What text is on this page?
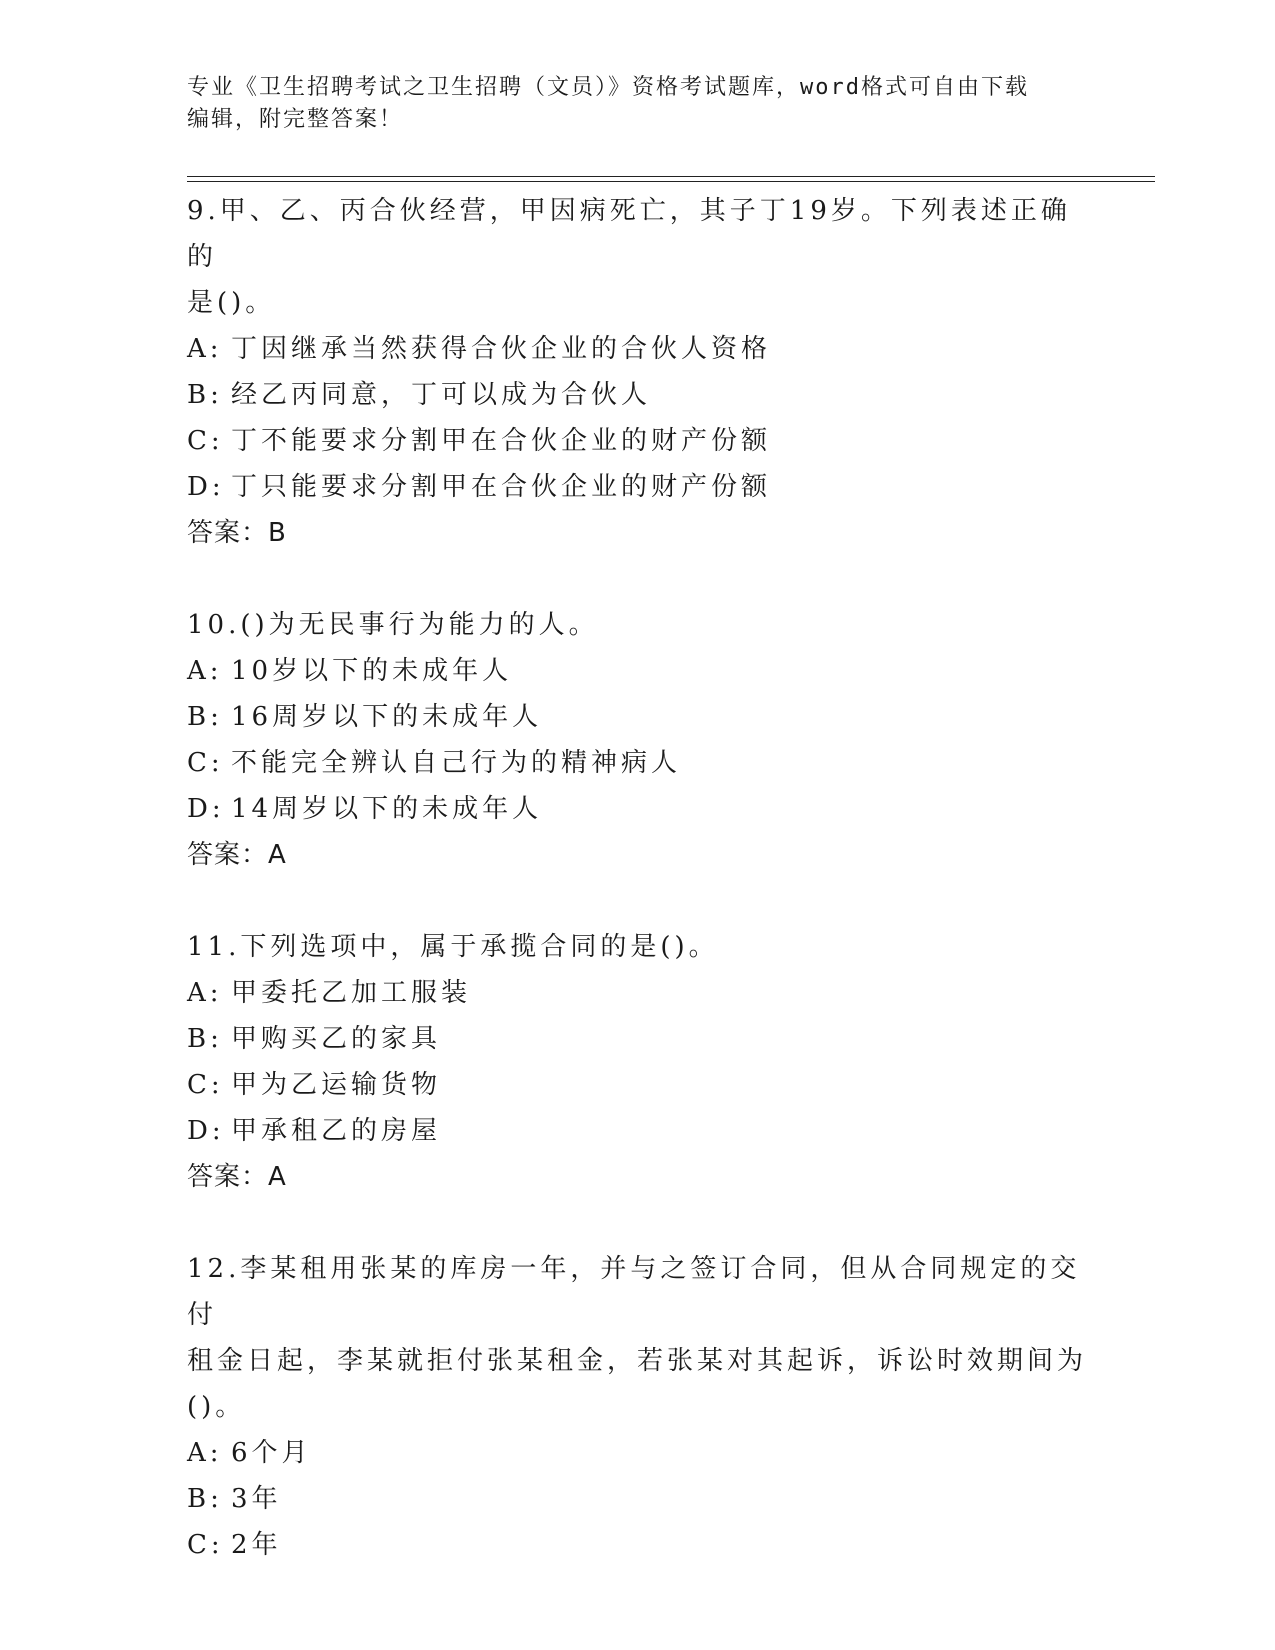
专业《卫生招聘考试之卫生招聘（文员）》资格考试题库，word格式可自由下载

编辑，附完整答案！

9.甲、乙、丙合伙经营，甲因病死亡，其子丁19岁。下列表述正确的

是()。

A: 丁因继承当然获得合伙企业的合伙人资格

B: 经乙丙同意，丁可以成为合伙人

C: 丁不能要求分割甲在合伙企业的财产份额

D: 丁只能要求分割甲在合伙企业的财产份额

答案：B

10.()为无民事行为能力的人。

A: 10岁以下的未成年人

B: 16周岁以下的未成年人

C: 不能完全辨认自己行为的精神病人

D: 14周岁以下的未成年人

答案：A

11.下列选项中，属于承揽合同的是()。

A: 甲委托乙加工服装

B: 甲购买乙的家具

C: 甲为乙运输货物

D: 甲承租乙的房屋

答案：A

12.李某租用张某的库房一年，并与之签订合同，但从合同规定的交付

租金日起，李某就拒付张某租金，若张某对其起诉，诉讼时效期间为

()。

A: 6个月

B: 3年

C: 2年
